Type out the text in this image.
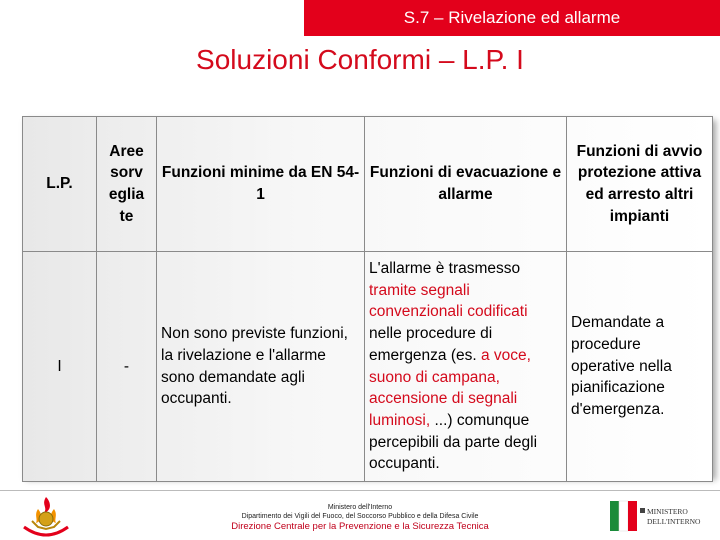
S.7 – Rivelazione ed allarme
Soluzioni Conformi – L.P. I
L.P.	Aree sorv eglia te	Funzioni minime da EN 54-1	Funzioni di evacuazione e allarme	Funzioni di avvio protezione attiva ed arresto altri impianti
I	-	Non sono previste funzioni, la rivelazione e l'allarme sono demandate agli occupanti.	L'allarme è trasmesso tramite segnali convenzionali codificati nelle procedure di emergenza (es. a voce, suono di campana, accensione di segnali luminosi, ...) comunque percepibili da parte degli occupanti.	Demandate a procedure operative nella pianificazione d'emergenza.
MINISTERO
DELL'INTERNO
Ministero dell'Interno
Dipartimento dei Vigili del Fuoco, del Soccorso Pubblico e della Difesa Civile
Direzione Centrale per la Prevenzione e la Sicurezza Tecnica
